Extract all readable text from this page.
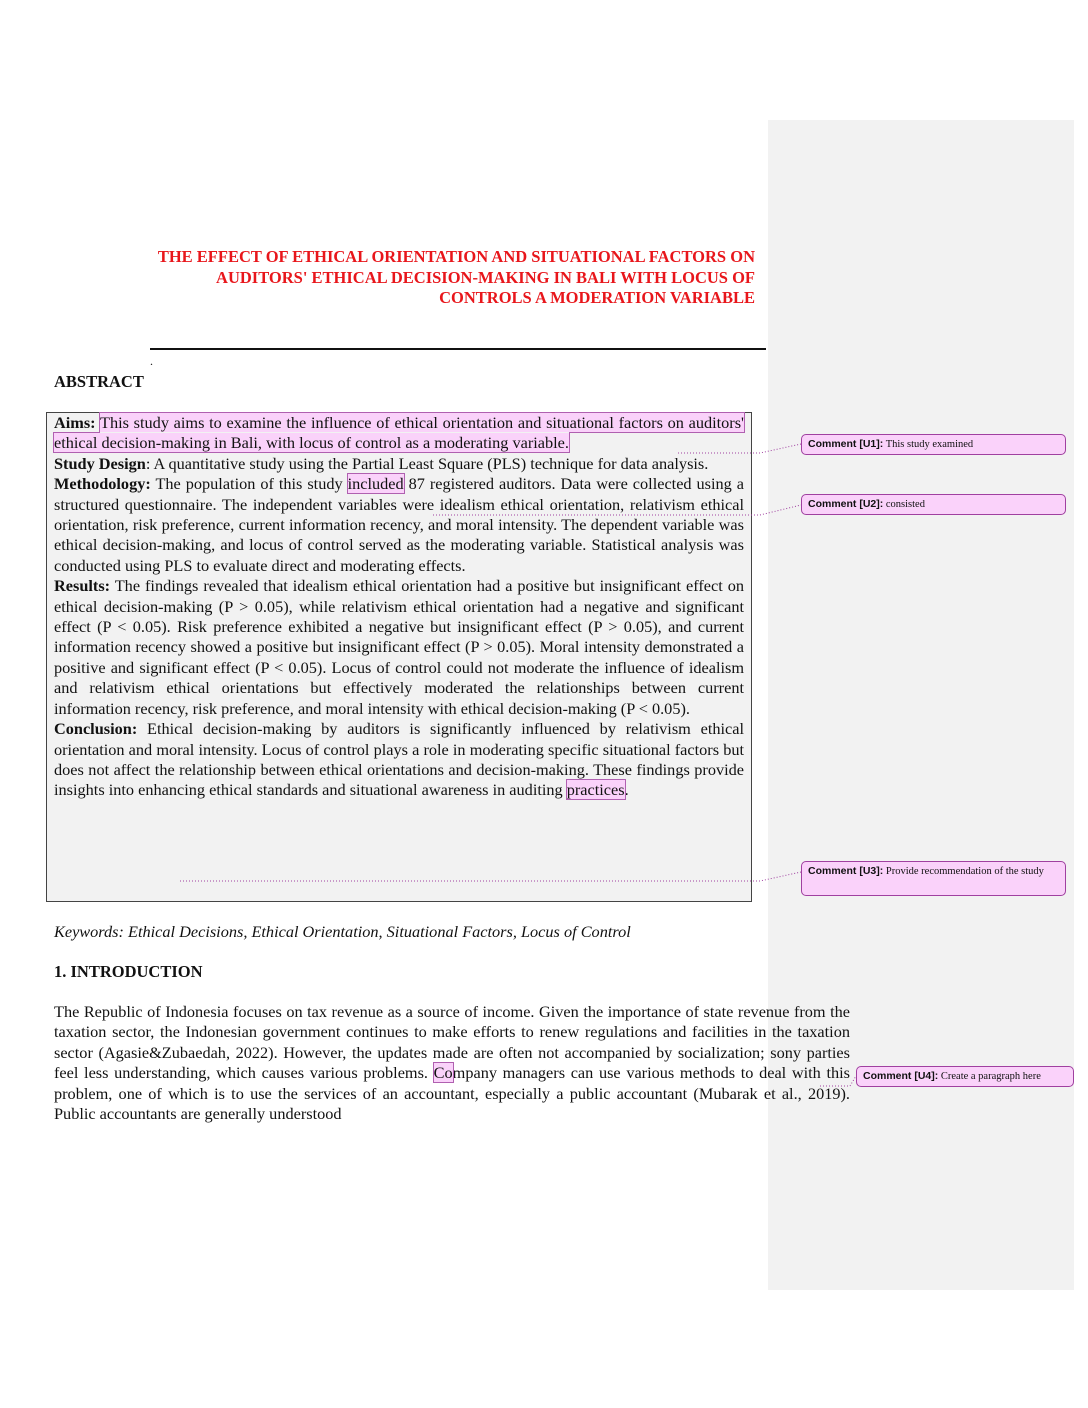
THE EFFECT OF ETHICAL ORIENTATION AND SITUATIONAL FACTORS ON AUDITORS' ETHICAL DECISION-MAKING IN BALI WITH LOCUS OF CONTROLS A MODERATION VARIABLE
.
ABSTRACT

Aims: This study aims to examine the influence of ethical orientation and situational factors on auditors' ethical decision-making in Bali, with locus of control as a moderating variable.

Study Design: A quantitative study using the Partial Least Square (PLS) technique for data analysis.

Methodology: The population of this study included 87 registered auditors. Data were collected using a structured questionnaire. The independent variables were idealism ethical orientation, relativism ethical orientation, risk preference, current information recency, and moral intensity. The dependent variable was ethical decision-making, and locus of control served as the moderating variable. Statistical analysis was conducted using PLS to evaluate direct and moderating effects.

Results: The findings revealed that idealism ethical orientation had a positive but insignificant effect on ethical decision-making (P > 0.05), while relativism ethical orientation had a negative and significant effect (P < 0.05). Risk preference exhibited a negative but insignificant effect (P > 0.05), and current information recency showed a positive but insignificant effect (P > 0.05). Moral intensity demonstrated a positive and significant effect (P < 0.05). Locus of control could not moderate the influence of idealism and relativism ethical orientations but effectively moderated the relationships between current information recency, risk preference, and moral intensity with ethical decision-making (P < 0.05).

Conclusion: Ethical decision-making by auditors is significantly influenced by relativism ethical orientation and moral intensity. Locus of control plays a role in moderating specific situational factors but does not affect the relationship between ethical orientations and decision-making. These findings provide insights into enhancing ethical standards and situational awareness in auditing practices.

Keywords: Ethical Decisions, Ethical Orientation, Situational Factors, Locus of Control
1. INTRODUCTION

The Republic of Indonesia focuses on tax revenue as a source of income. Given the importance of state revenue from the taxation sector, the Indonesian government continues to make efforts to renew regulations and facilities in the taxation sector (Agasie&Zubaedah, 2022). However, the updates made are often not accompanied by socialization; sony parties feel less understanding, which causes various problems. Company managers can use various methods to deal with this problem, one of which is to use the services of an accountant, especially a public accountant (Mubarak et al., 2019). Public accountants are generally understood

Comment [U1]: This study examined
Comment [U2]: consisted
Comment [U3]: Provide recommendation of the study
Comment [U4]: Create a paragraph here
